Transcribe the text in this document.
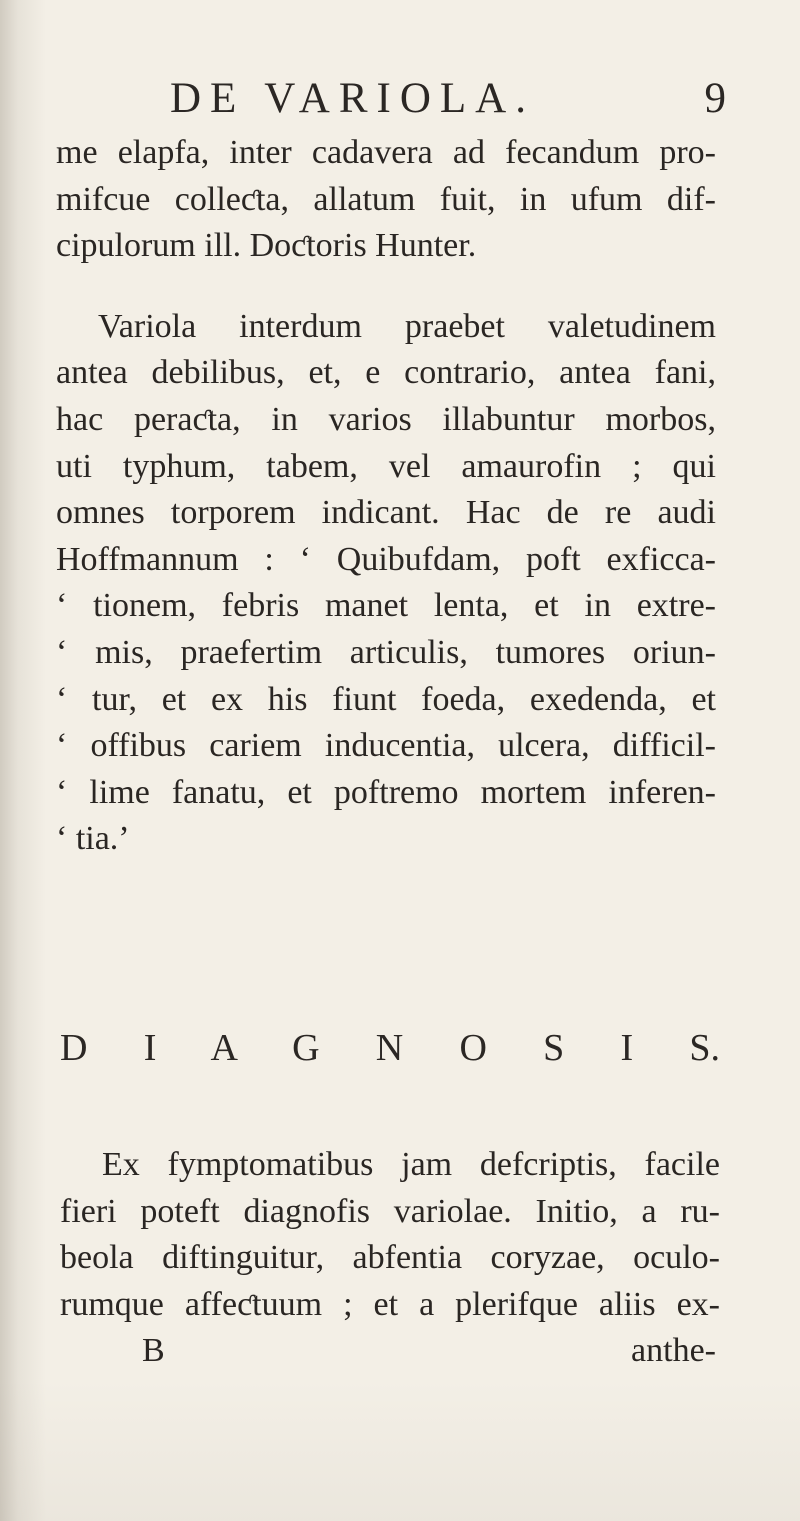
DE VARIOLA.	9
me elapfa, inter cadavera ad fecandum pro-
mifcue colleƈta, allatum fuit, in ufum dif-
cipulorum ill. Doƈtoris Hunter.
Variola interdum praebet valetudinem
antea debilibus, et, e contrario, antea fani,
hac peraƈta, in varios illabuntur morbos,
uti typhum, tabem, vel amaurofin ; qui
omnes torporem indicant. Hac de re audi
Hoffmannum : ‘ Quibufdam, poft exficca-
‘ tionem, febris manet lenta, et in extre-
‘ mis, praefertim articulis, tumores oriun-
‘ tur, et ex his fiunt foeda, exedenda, et
‘ offibus cariem inducentia, ulcera, difficil-
‘ lime fanatu, et poftremo mortem inferen-
‘ tia.’
D I A G N O S I S.
Ex fymptomatibus jam defcriptis, facile
fieri poteft diagnofis variolae. Initio, a ru-
beola diftinguitur, abfentia coryzae, oculo-
rumque affeƈtuum ; et a plerifque aliis ex-
B	anthe-
